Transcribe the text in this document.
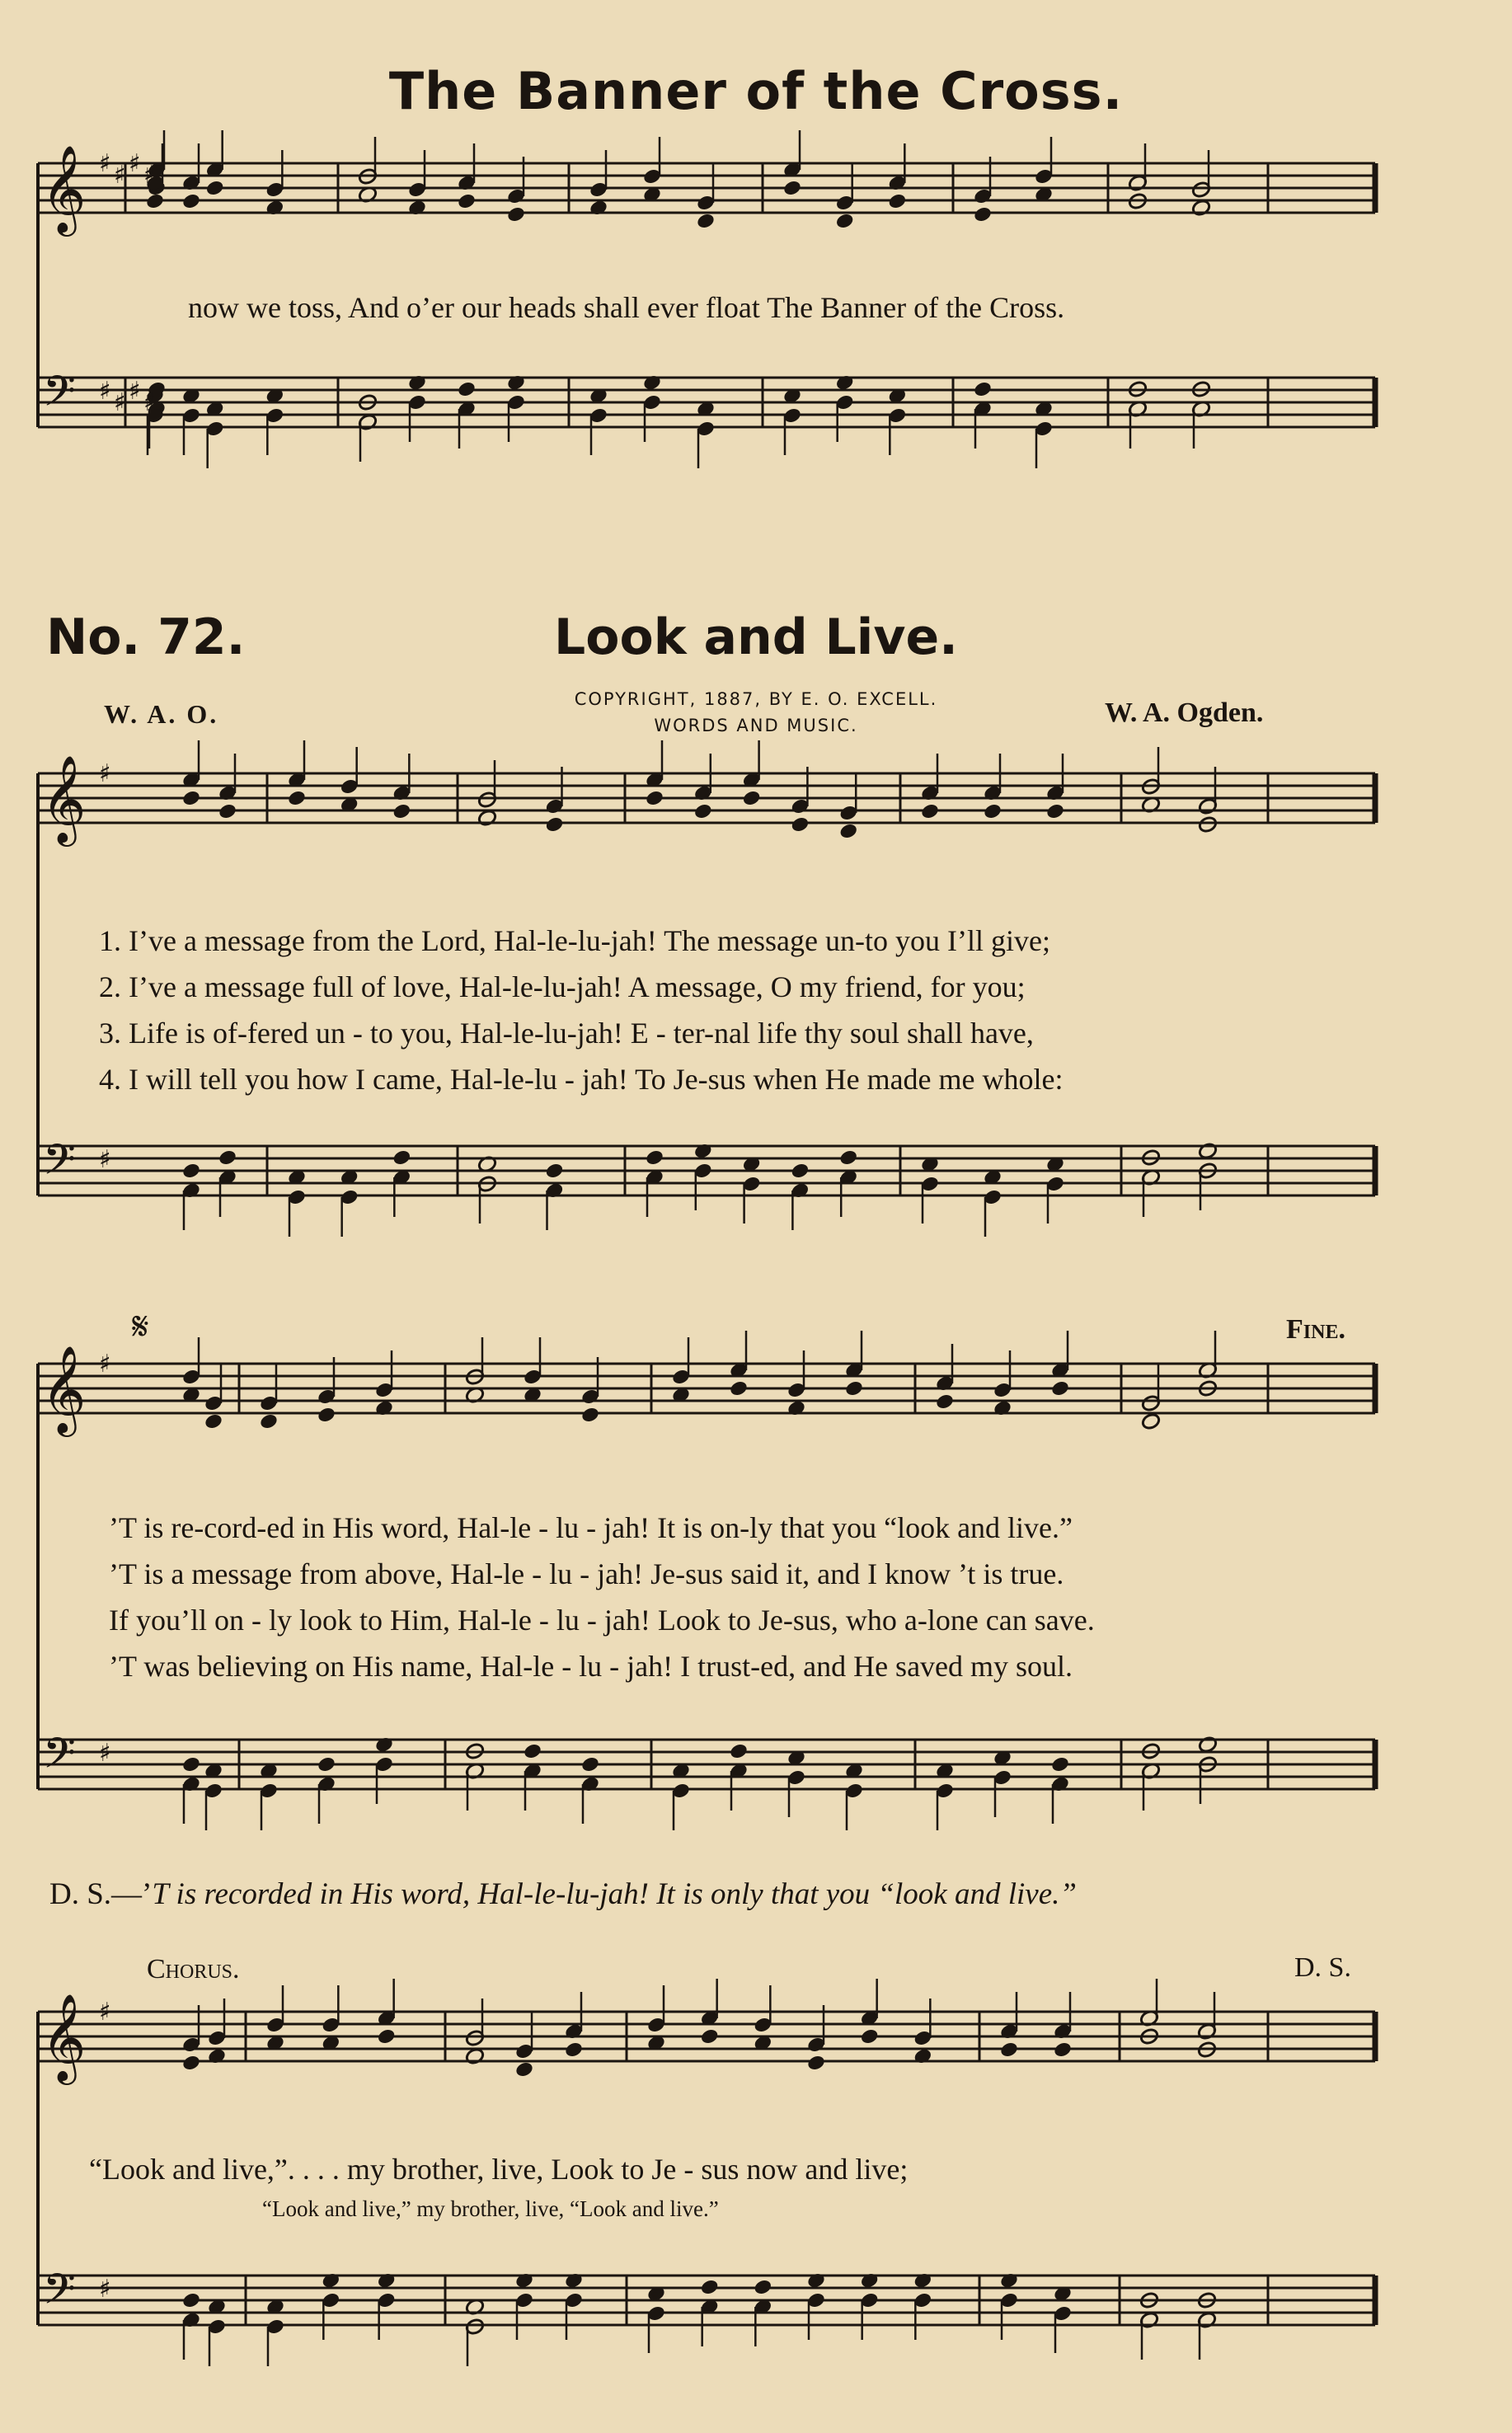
The Banner of the Cross.
now we toss, And o’er our heads shall ever float The Banner of the Cross.
No. 72.	Look and Live.
W. A. O.	COPYRIGHT, 1887, BY E. O. EXCELL.
WORDS AND MUSIC.	W. A. Ogden.
1. I’ve a message from the Lord, Hal-le-lu-jah! The message un-to you I’ll give;
2. I’ve a message full of love, Hal-le-lu-jah! A message, O my friend, for you;
3. Life is of-fered un - to you, Hal-le-lu-jah! E - ter-nal life thy soul shall have,
4. I will tell you how I came, Hal-le-lu - jah! To Je-sus when He made me whole:
𝄋	Fine.
’T is re-cord-ed in His word, Hal-le - lu - jah! It is on-ly that you “look and live.”
’T is a message from above, Hal-le - lu - jah! Je-sus said it, and I know ’t is true.
If you’ll on - ly look to Him, Hal-le - lu - jah! Look to Je-sus, who a-lone can save.
’T was believing on His name, Hal-le - lu - jah! I trust-ed, and He saved my soul.
D. S.—’T is recorded in His word, Hal-le-lu-jah! It is only that you “look and live.”
Chorus.	D. S.
“Look and live,”. . . . my brother, live, Look to Je - sus now and live;
“Look and live,” my brother, live, “Look and live.”
𝄞 ♯ ♯ ♯ ♯
𝄢 ♯ ♯ ♯ ♯
𝄞 ♯
𝄢 ♯
𝄞 ♯
𝄢 ♯
𝄞 ♯
𝄢 ♯
